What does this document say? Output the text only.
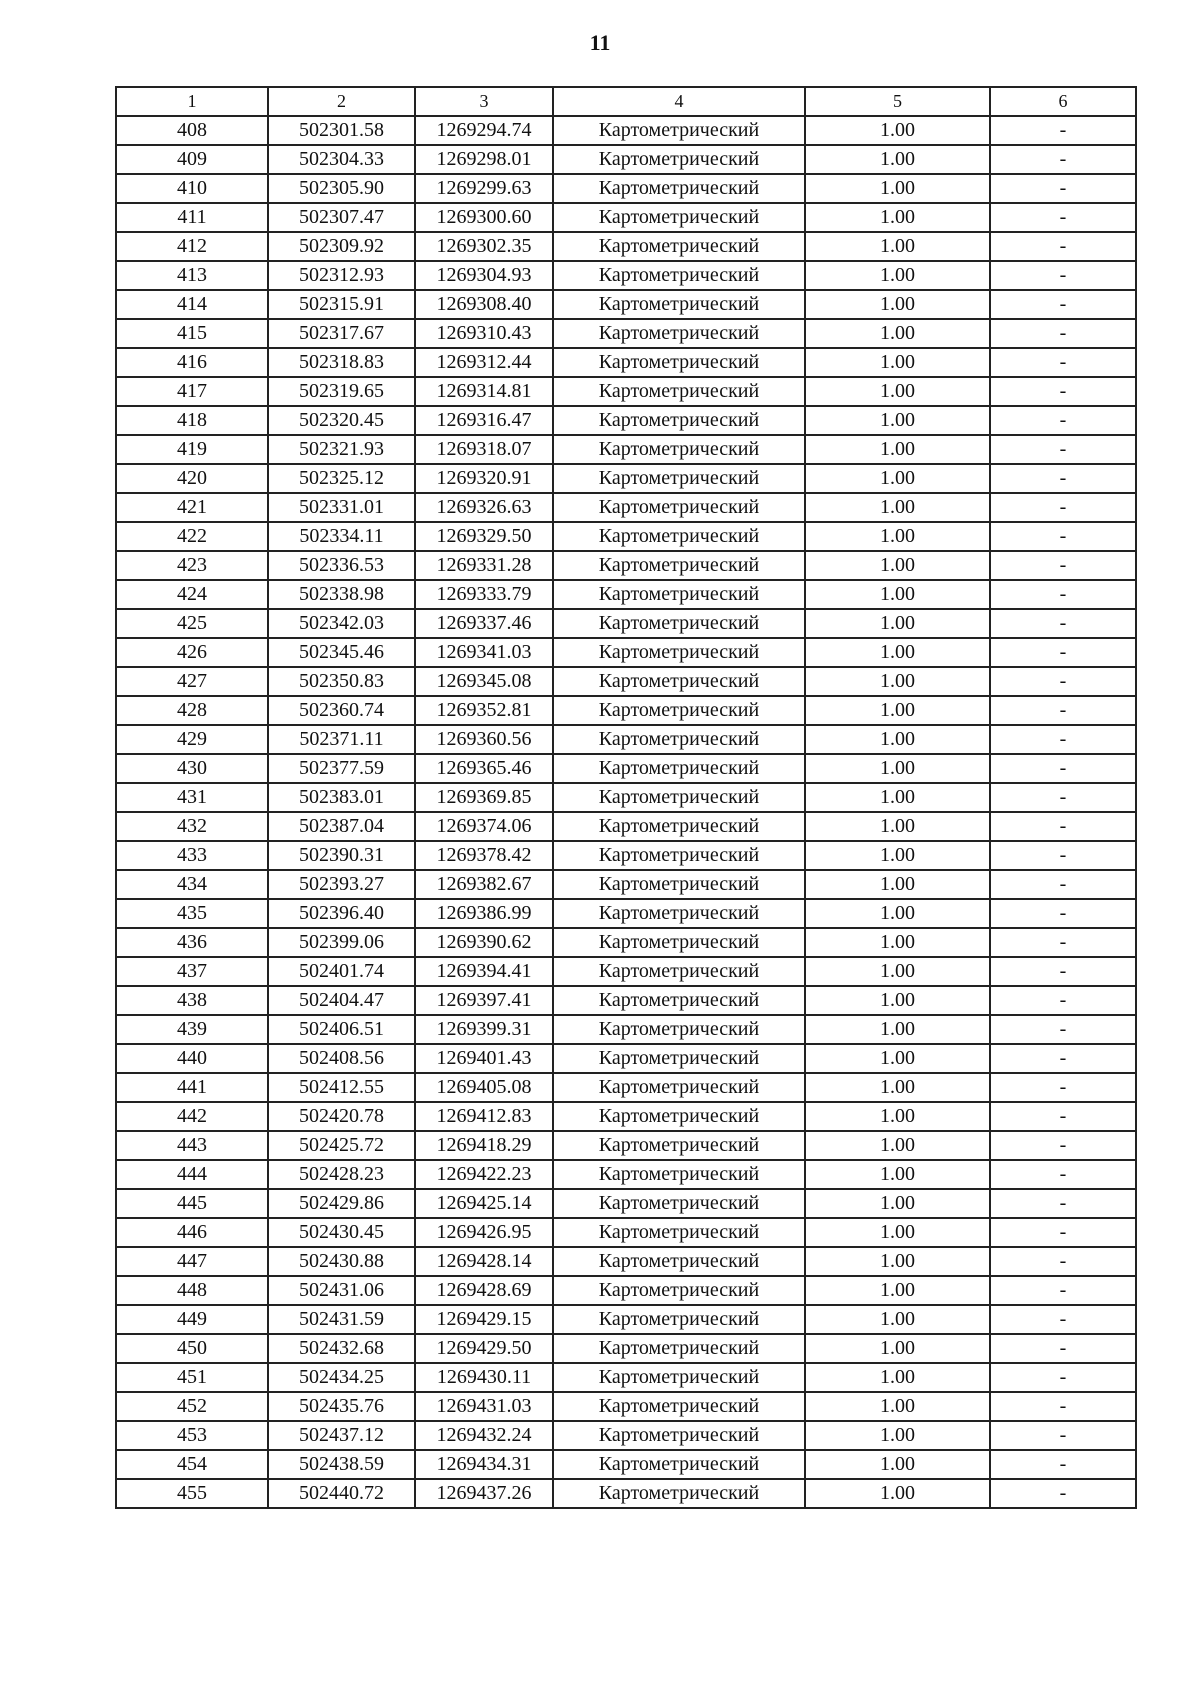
11
1	2	3	4	5	6
408	502301.58	1269294.74	Картометрический	1.00	-
409	502304.33	1269298.01	Картометрический	1.00	-
410	502305.90	1269299.63	Картометрический	1.00	-
411	502307.47	1269300.60	Картометрический	1.00	-
412	502309.92	1269302.35	Картометрический	1.00	-
413	502312.93	1269304.93	Картометрический	1.00	-
414	502315.91	1269308.40	Картометрический	1.00	-
415	502317.67	1269310.43	Картометрический	1.00	-
416	502318.83	1269312.44	Картометрический	1.00	-
417	502319.65	1269314.81	Картометрический	1.00	-
418	502320.45	1269316.47	Картометрический	1.00	-
419	502321.93	1269318.07	Картометрический	1.00	-
420	502325.12	1269320.91	Картометрический	1.00	-
421	502331.01	1269326.63	Картометрический	1.00	-
422	502334.11	1269329.50	Картометрический	1.00	-
423	502336.53	1269331.28	Картометрический	1.00	-
424	502338.98	1269333.79	Картометрический	1.00	-
425	502342.03	1269337.46	Картометрический	1.00	-
426	502345.46	1269341.03	Картометрический	1.00	-
427	502350.83	1269345.08	Картометрический	1.00	-
428	502360.74	1269352.81	Картометрический	1.00	-
429	502371.11	1269360.56	Картометрический	1.00	-
430	502377.59	1269365.46	Картометрический	1.00	-
431	502383.01	1269369.85	Картометрический	1.00	-
432	502387.04	1269374.06	Картометрический	1.00	-
433	502390.31	1269378.42	Картометрический	1.00	-
434	502393.27	1269382.67	Картометрический	1.00	-
435	502396.40	1269386.99	Картометрический	1.00	-
436	502399.06	1269390.62	Картометрический	1.00	-
437	502401.74	1269394.41	Картометрический	1.00	-
438	502404.47	1269397.41	Картометрический	1.00	-
439	502406.51	1269399.31	Картометрический	1.00	-
440	502408.56	1269401.43	Картометрический	1.00	-
441	502412.55	1269405.08	Картометрический	1.00	-
442	502420.78	1269412.83	Картометрический	1.00	-
443	502425.72	1269418.29	Картометрический	1.00	-
444	502428.23	1269422.23	Картометрический	1.00	-
445	502429.86	1269425.14	Картометрический	1.00	-
446	502430.45	1269426.95	Картометрический	1.00	-
447	502430.88	1269428.14	Картометрический	1.00	-
448	502431.06	1269428.69	Картометрический	1.00	-
449	502431.59	1269429.15	Картометрический	1.00	-
450	502432.68	1269429.50	Картометрический	1.00	-
451	502434.25	1269430.11	Картометрический	1.00	-
452	502435.76	1269431.03	Картометрический	1.00	-
453	502437.12	1269432.24	Картометрический	1.00	-
454	502438.59	1269434.31	Картометрический	1.00	-
455	502440.72	1269437.26	Картометрический	1.00	-
